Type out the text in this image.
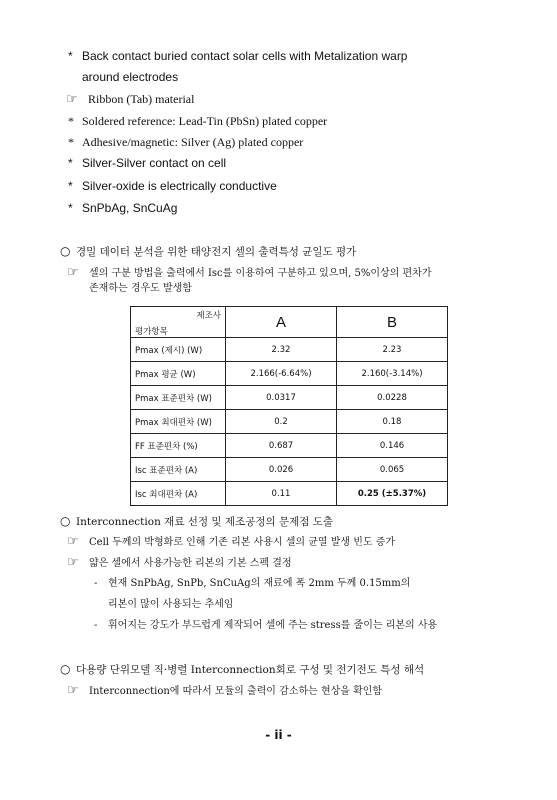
* Back contact buried contact solar cells with Metalization warp
around electrodes
☞ Ribbon (Tab) material
* Soldered reference: Lead-Tin (PbSn) plated copper
* Adhesive/magnetic: Silver (Ag) plated copper
* Silver-Silver contact on cell
* Silver-oxide is electrically conductive
* SnPbAg, SnCuAg
○ 경밀 데이터 분석을 위한 태양전지 셀의 출력특성 균일도 평가
☞ 셀의 구분 방법을 출력에서 Isc를 이용하여 구분하고 있으며, 5%이상의 편차가
존재하는 경우도 발생함
제조사
평가항목	A	B
Pmax (제시) (W)	2.32	2.23
Pmax 평균 (W)	2.166(-6.64%)	2.160(-3.14%)
Pmax 표준편차 (W)	0.0317	0.0228
Pmax 최대편차 (W)	0.2	0.18
FF 표준편차 (%)	0.687	0.146
Isc 표준편차 (A)	0.026	0.065
Isc 최대편차 (A)	0.11	0.25 (±5.37%)
○ Interconnection 재료 선정 및 제조공정의 문제점 도출
☞ Cell 두께의 박형화로 인해 기존 리본 사용시 셀의 균열 발생 빈도 증가
☞ 얇은 셀에서 사용가능한 리본의 기본 스펙 결정
- 현재 SnPbAg, SnPb, SnCuAg의 재료에 폭 2mm 두께 0.15mm의
리본이 많이 사용되는 추세임
- 휘어지는 강도가 부드럽게 제작되어 셀에 주는 stress를 줄이는 리본의 사용
○ 다용량 단위모델 직·병렬 Interconnection회로 구성 및 전기전도 특성 해석
☞ Interconnection에 따라서 모듈의 출력이 감소하는 현상을 확인함
- ii -
